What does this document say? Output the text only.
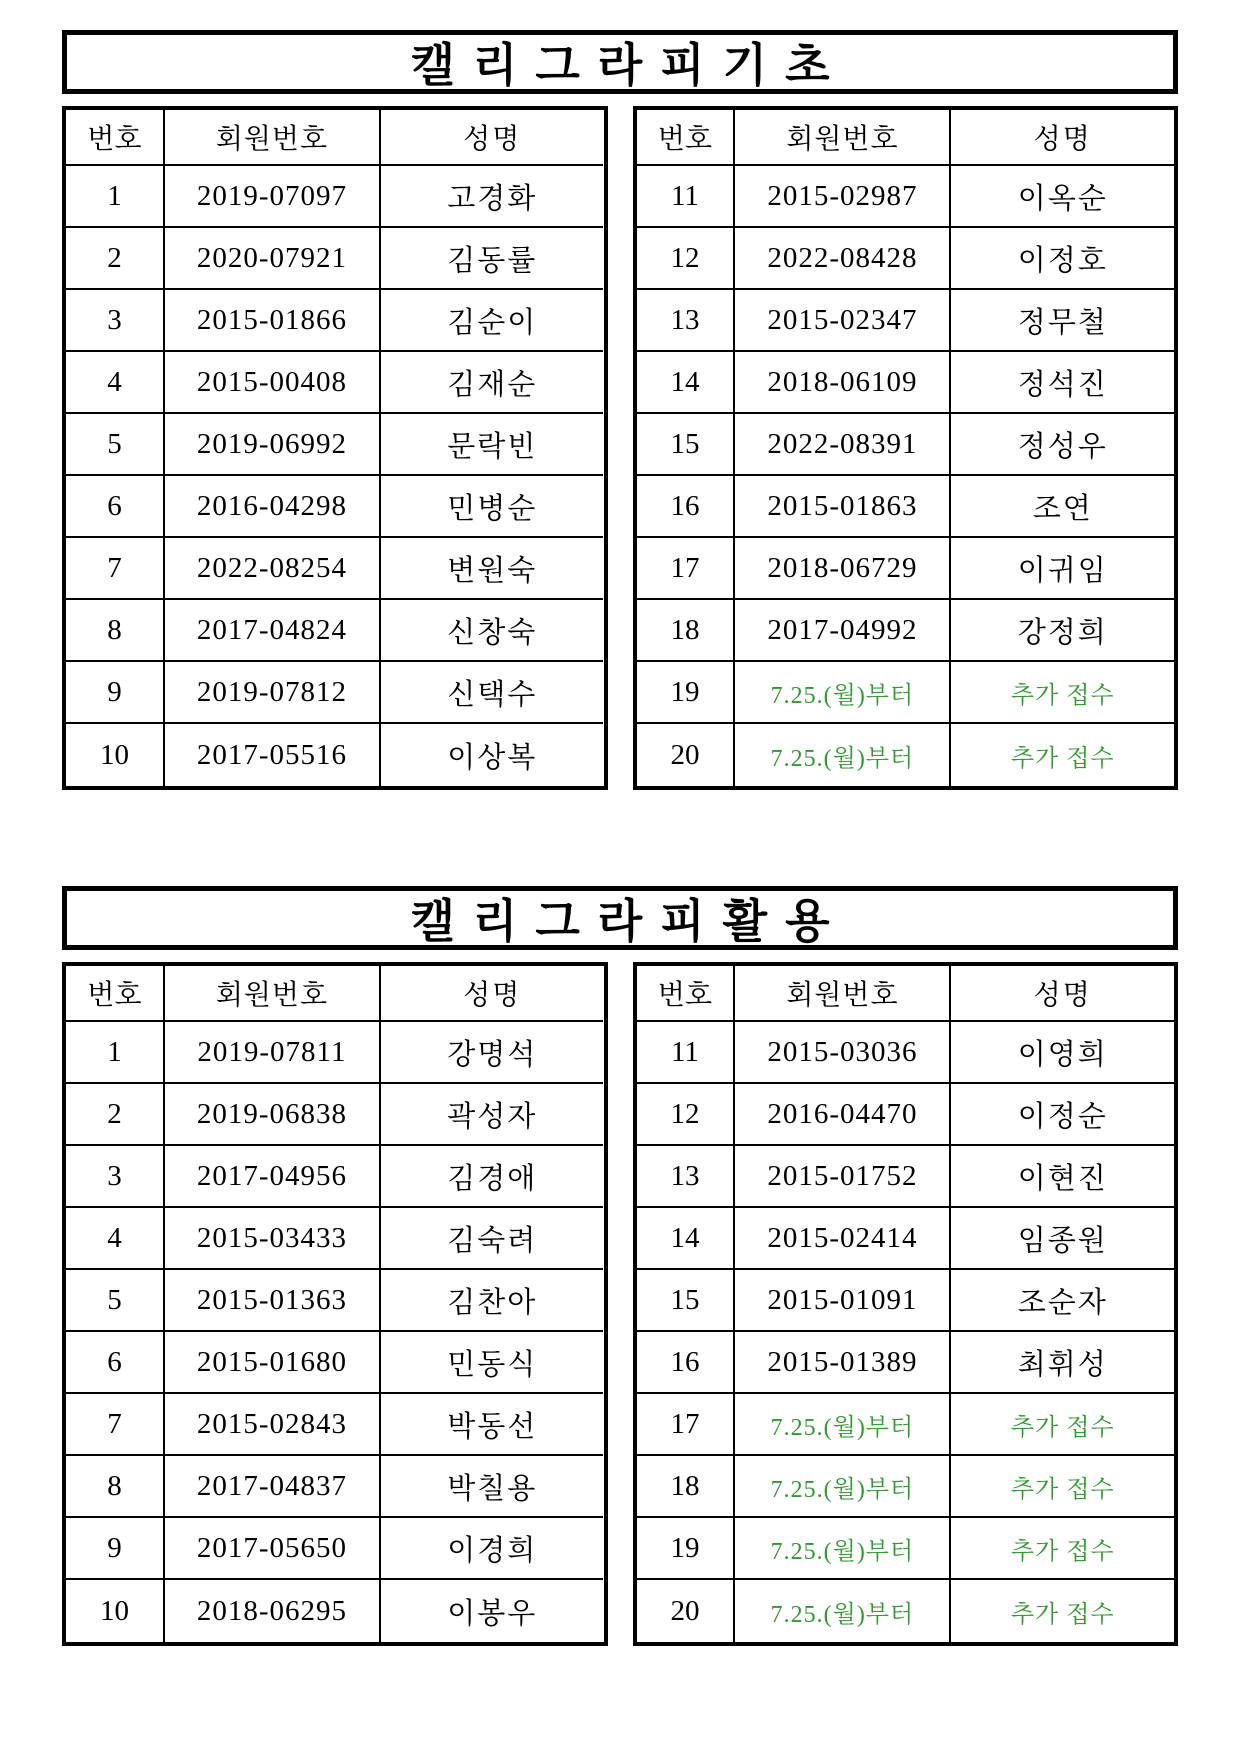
캘리그라피기초
번호	회원번호	성명
1	2019-07097	고경화
2	2020-07921	김동률
3	2015-01866	김순이
4	2015-00408	김재순
5	2019-06992	문락빈
6	2016-04298	민병순
7	2022-08254	변원숙
8	2017-04824	신창숙
9	2019-07812	신택수
10	2017-05516	이상복
번호	회원번호	성명
11	2015-02987	이옥순
12	2022-08428	이정호
13	2015-02347	정무철
14	2018-06109	정석진
15	2022-08391	정성우
16	2015-01863	조연
17	2018-06729	이귀임
18	2017-04992	강정희
19	7.25.(월)부터	추가 접수
20	7.25.(월)부터	추가 접수
캘리그라피활용
번호	회원번호	성명
1	2019-07811	강명석
2	2019-06838	곽성자
3	2017-04956	김경애
4	2015-03433	김숙려
5	2015-01363	김찬아
6	2015-01680	민동식
7	2015-02843	박동선
8	2017-04837	박칠용
9	2017-05650	이경희
10	2018-06295	이봉우
번호	회원번호	성명
11	2015-03036	이영희
12	2016-04470	이정순
13	2015-01752	이현진
14	2015-02414	임종원
15	2015-01091	조순자
16	2015-01389	최휘성
17	7.25.(월)부터	추가 접수
18	7.25.(월)부터	추가 접수
19	7.25.(월)부터	추가 접수
20	7.25.(월)부터	추가 접수
